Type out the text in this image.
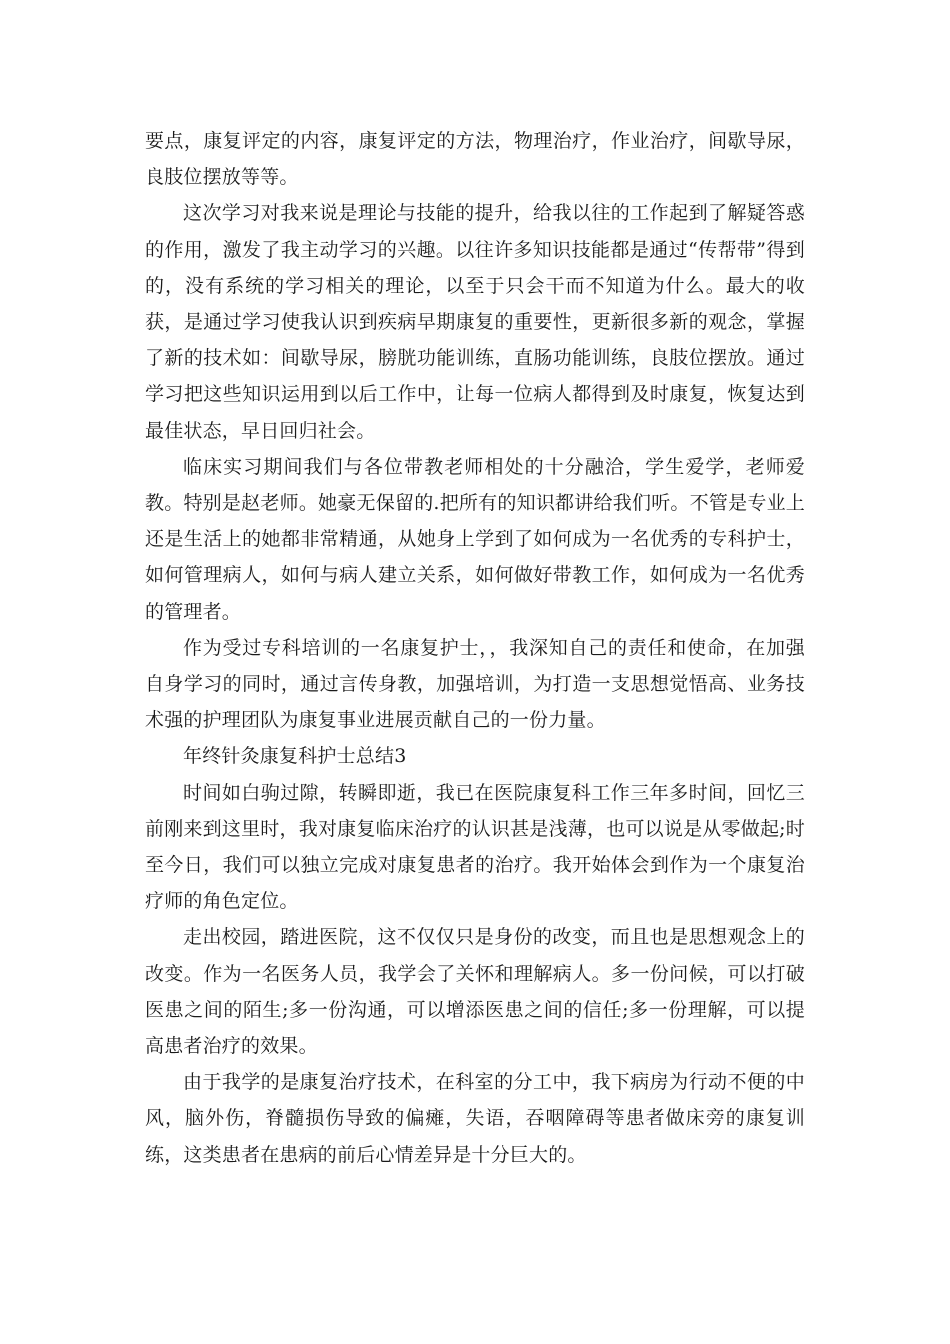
要点，康复评定的内容，康复评定的方法，物理治疗，作业治疗，间歇导尿，良肢位摆放等等。

这次学习对我来说是理论与技能的提升，给我以往的工作起到了解疑答惑的作用，激发了我主动学习的兴趣。以往许多知识技能都是通过“传帮带”得到的，没有系统的学习相关的理论，以至于只会干而不知道为什么。最大的收获，是通过学习使我认识到疾病早期康复的重要性，更新很多新的观念，掌握了新的技术如：间歇导尿，膀胱功能训练，直肠功能训练，良肢位摆放。通过学习把这些知识运用到以后工作中，让每一位病人都得到及时康复，恢复达到最佳状态，早日回归社会。

临床实习期间我们与各位带教老师相处的十分融洽，学生爱学，老师爱教。特别是赵老师。她豪无保留的.把所有的知识都讲给我们听。不管是专业上还是生活上的她都非常精通，从她身上学到了如何成为一名优秀的专科护士，如何管理病人，如何与病人建立关系，如何做好带教工作，如何成为一名优秀的管理者。

作为受过专科培训的一名康复护士，，我深知自己的责任和使命，在加强自身学习的同时，通过言传身教，加强培训，为打造一支思想觉悟高、业务技术强的护理团队为康复事业进展贡献自己的一份力量。

年终针灸康复科护士总结3

时间如白驹过隙，转瞬即逝，我已在医院康复科工作三年多时间，回忆三前刚来到这里时，我对康复临床治疗的认识甚是浅薄，也可以说是从零做起;时至今日，我们可以独立完成对康复患者的治疗。我开始体会到作为一个康复治疗师的角色定位。

走出校园，踏进医院，这不仅仅只是身份的改变，而且也是思想观念上的改变。作为一名医务人员，我学会了关怀和理解病人。多一份问候，可以打破医患之间的陌生;多一份沟通，可以增添医患之间的信任;多一份理解，可以提高患者治疗的效果。

由于我学的是康复治疗技术，在科室的分工中，我下病房为行动不便的中风，脑外伤，脊髓损伤导致的偏瘫，失语，吞咽障碍等患者做床旁的康复训练，这类患者在患病的前后心情差异是十分巨大的。
